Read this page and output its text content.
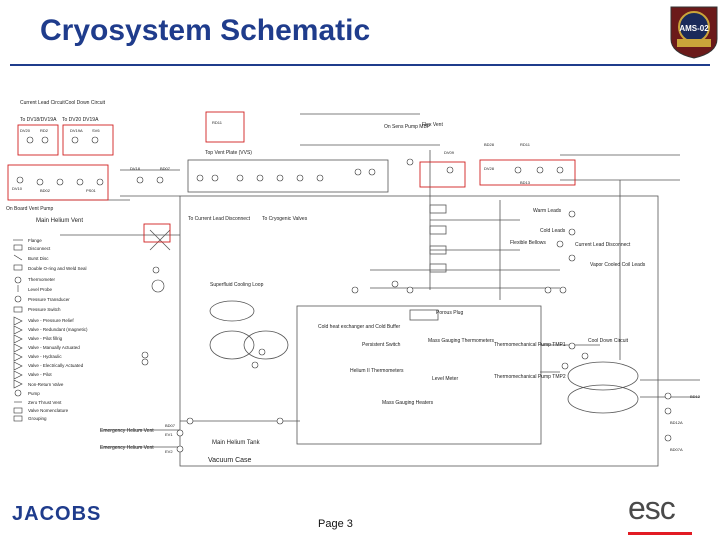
Cryosystem Schematic	AMS-02
Current Lead Circuit Cool Down Circuit
To DV18/DV19A To DV20 DV19A
Flex Vent
Top Vent Plate (VVS)
Main Helium Vent
On Board Vent Pump
On Sens Pump MBP
To Current Lead Disconnect To Cryogenic Valves
Warm Leads
Current Lead Disconnect
Cold Leads
Vapor Cooled Coil Leads
Flexible Bellows
Superfluid Cooling Loop
Cold heat exchanger and Cold Buffer
Porous Plug
Persistent Switch
Mass Gauging Thermometers
Helium II Thermometers
Level Meter
Mass Gauging Heaters
Thermomechanical Pump TMP1
Thermomechanical Pump TMP2
Cool Down Circuit
Emergency Helium Vent
Emergency Helium Vent
Main Helium Tank
Vacuum Case
Flange
Disconnect
Burst Disc
Double O-ring and Weld Seal
Thermometer
Level Probe
Pressure Transducer
Pressure Switch
Valve - Pressure Relief
Valve - Redundant (magnetic)
Valve - Pilot fillrig
Valve - Manually Actuated
Valve - Hydraulic
Valve - Electrically Actuated
Valve - Pilot
Non-Return Valve
Pump
Zero Thrust Vent
Valve Nomenclature
Grouping
DV20 RD2	DV19A SV6
DV10	BD02	PS01
DV18	BD07
RD11
DV09
BD28
DV28
RD11
BD13
BD12
BD12A
BD07A
BD07
EV1
EV2
JACOBS	Page 3	esc
